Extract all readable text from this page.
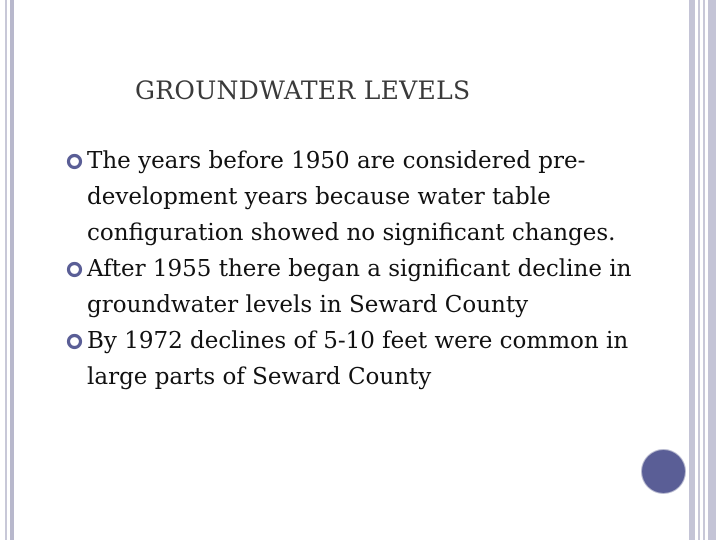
GROUNDWATER LEVELS
The years before 1950 are considered pre-development years because water table configuration showed no significant changes.
After 1955 there began a significant decline in groundwater levels in Seward County
By 1972 declines of 5-10 feet were common in large parts of Seward County
